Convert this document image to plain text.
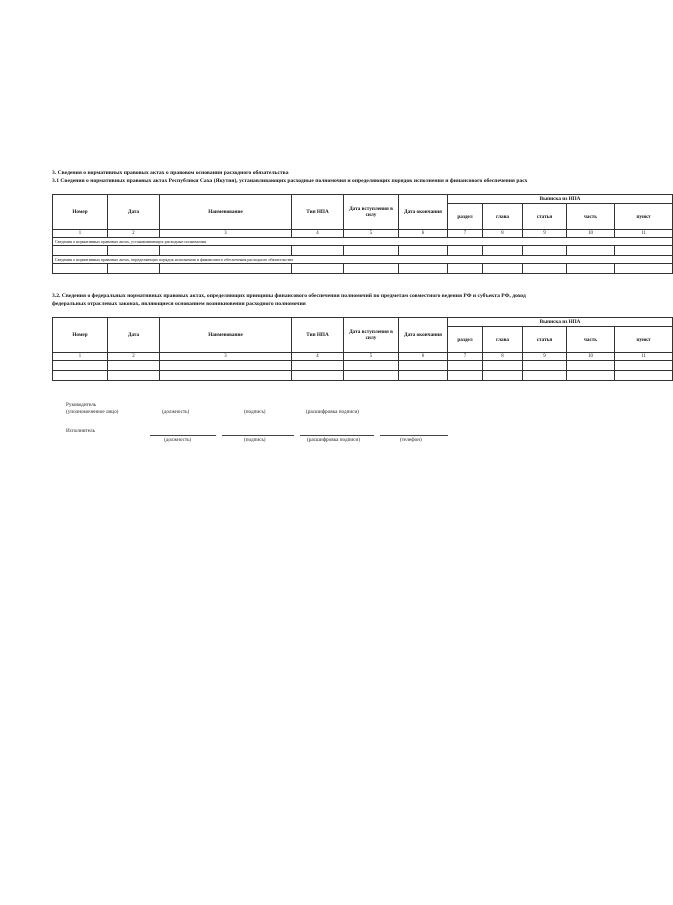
3. Сведения о нормативных правовых актах о правовом основании расходного обязательства
3.1 Сведения о нормативных правовых актах Республики Саха (Якутия), устанавливающих расходные полномочия и определяющих порядок исполнения и финансового обеспечения расх
Номер	Дата	Наименование	Тип НПА	Дата вступления в силу	Дата окончания	Выписка из НПА				
						раздел	глава	статья	часть	пункт
1	2	3	4	5	6	7	8	9	10	11
Сведения о нормативных правовых актах, устанавливающих расходные полномочия										

Сведения о нормативных правовых актах, определяющих порядок исполнения и финансового обеспечения расходного обязательства										

3.2. Сведения о федеральных нормативных правовых актах, определяющих принципы финансового обеспечения полномочий по предметам совместного ведения РФ и субъекта РФ, доход
федеральных отраслевых законах, являющиеся основанием возникновения расходного полномочия
Номер	Дата	Наименование	Тип НПА	Дата вступления в силу	Дата окончания	Выписка из НПА				
						раздел	глава	статья	часть	пункт
1	2	3	4	5	6	7	8	9	10	11

Руководитель
(уполномоченное лицо)	(должность)	(подпись)	(расшифровка подписи)
Исполнитель
(должность)	(подпись)	(расшифровка подписи)	(телефон)
